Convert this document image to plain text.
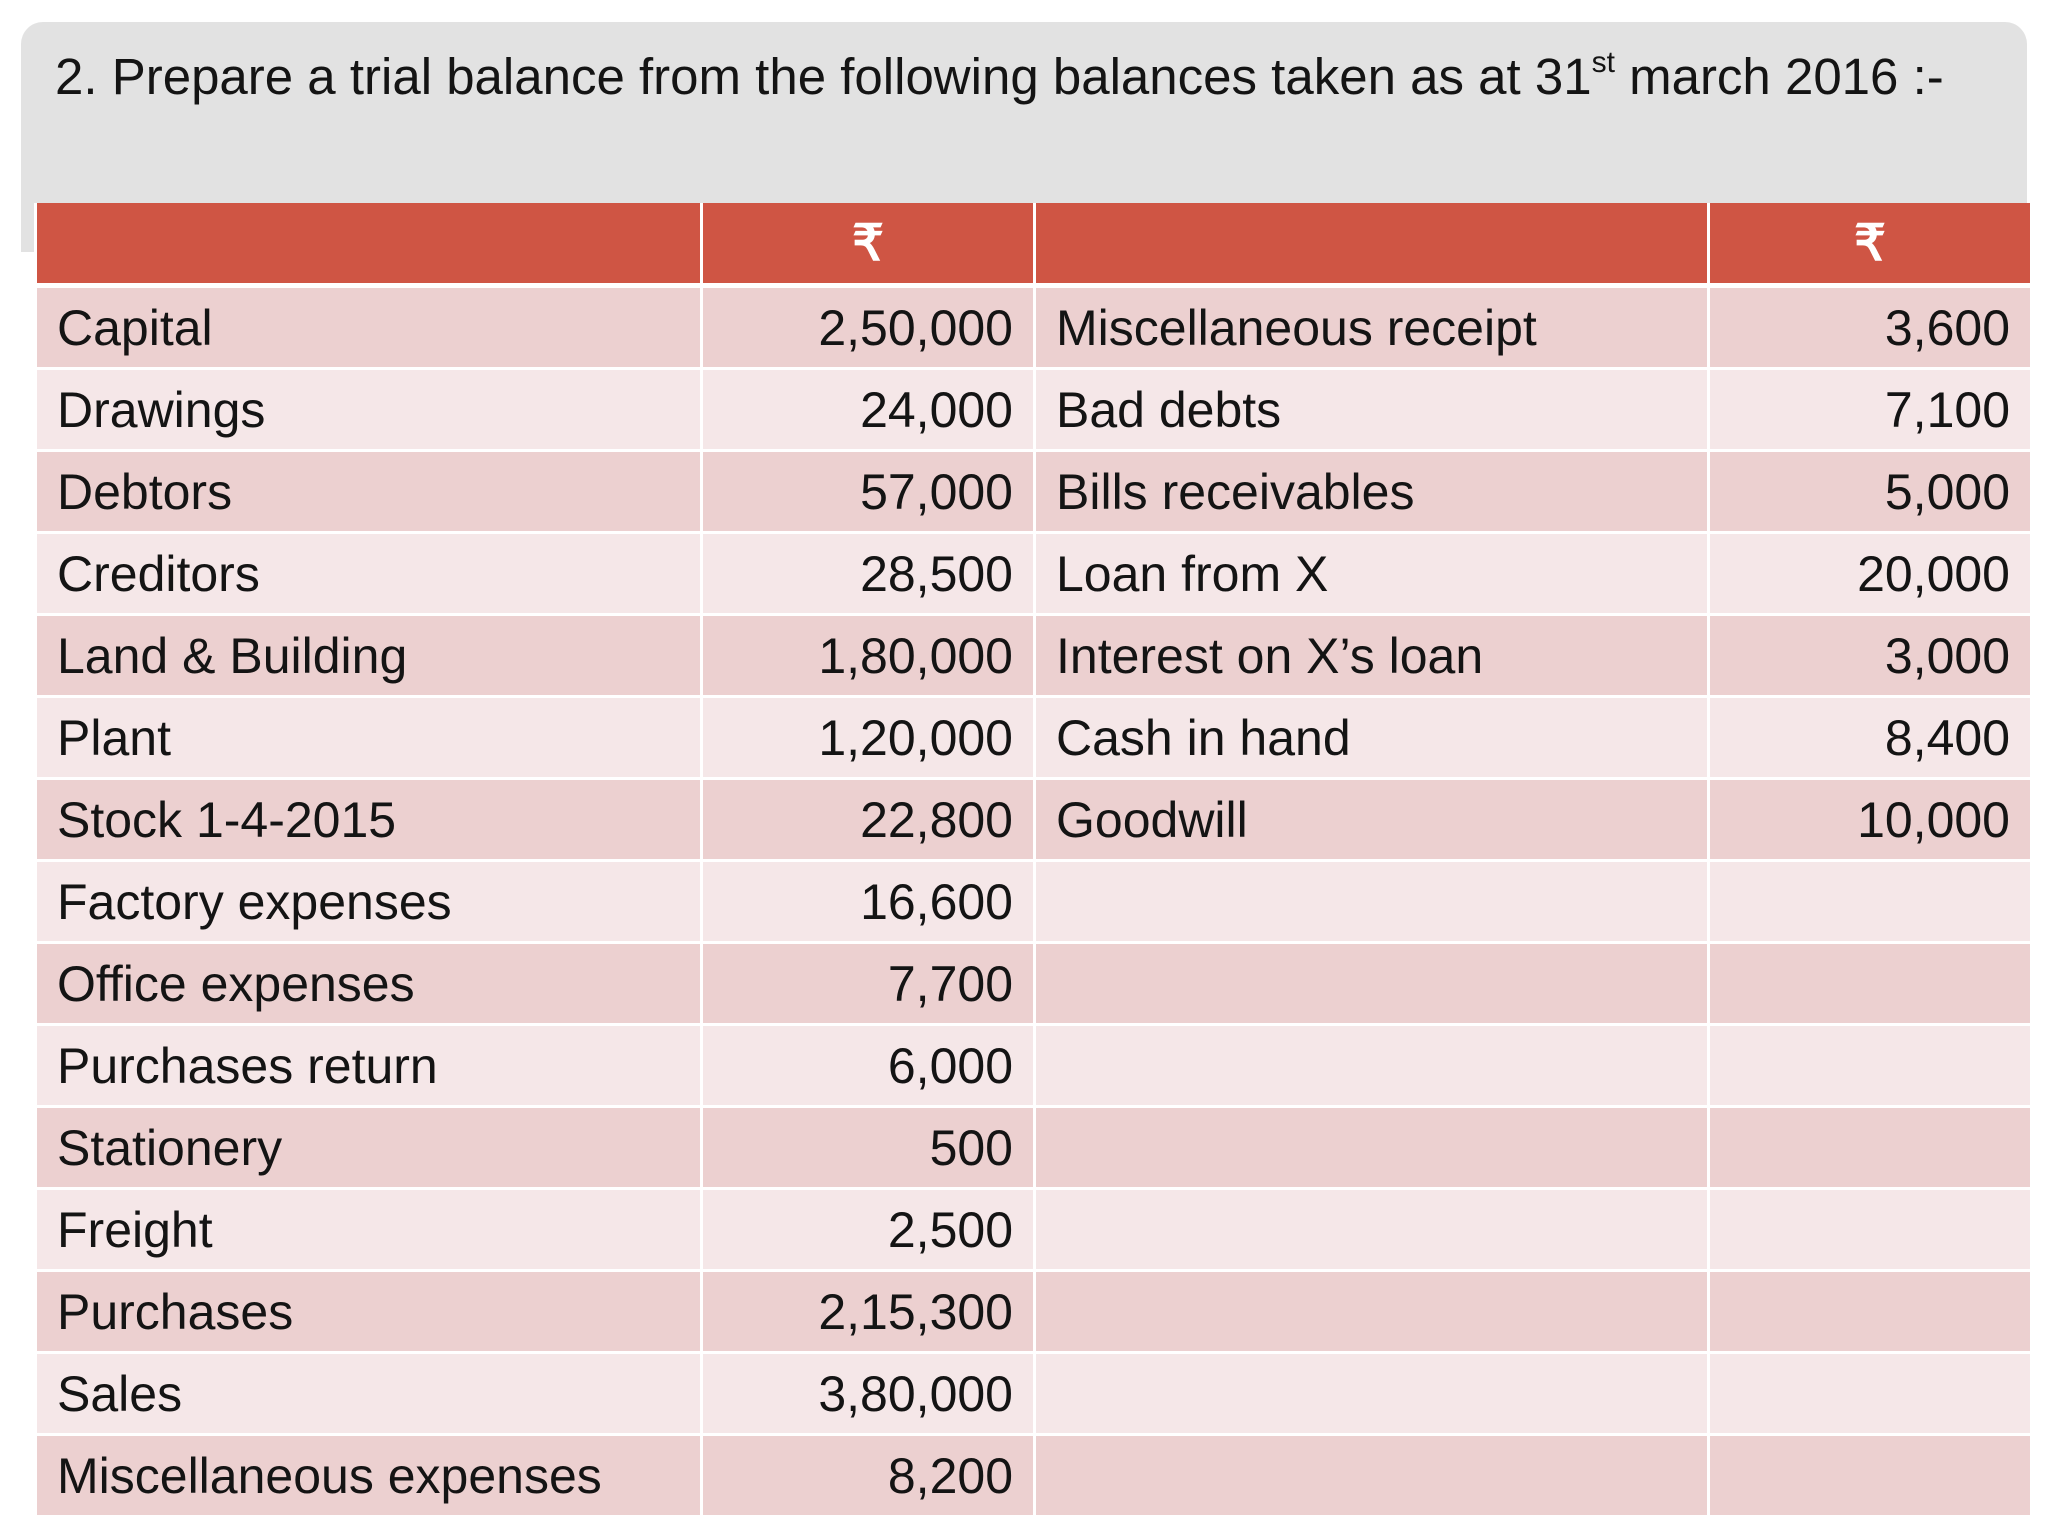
2. Prepare a trial balance from the following balances taken as at 31st march 2016 :-
	₹		₹
Capital	2,50,000	Miscellaneous receipt	3,600
Drawings	24,000	Bad debts	7,100
Debtors	57,000	Bills receivables	5,000
Creditors	28,500	Loan from X	20,000
Land & Building	1,80,000	Interest on X’s loan	3,000
Plant	1,20,000	Cash in hand	8,400
Stock 1-4-2015	22,800	Goodwill	10,000
Factory expenses	16,600		
Office expenses	7,700		
Purchases return	6,000		
Stationery	500		
Freight	2,500		
Purchases	2,15,300		
Sales	3,80,000		
Miscellaneous expenses	8,200		
